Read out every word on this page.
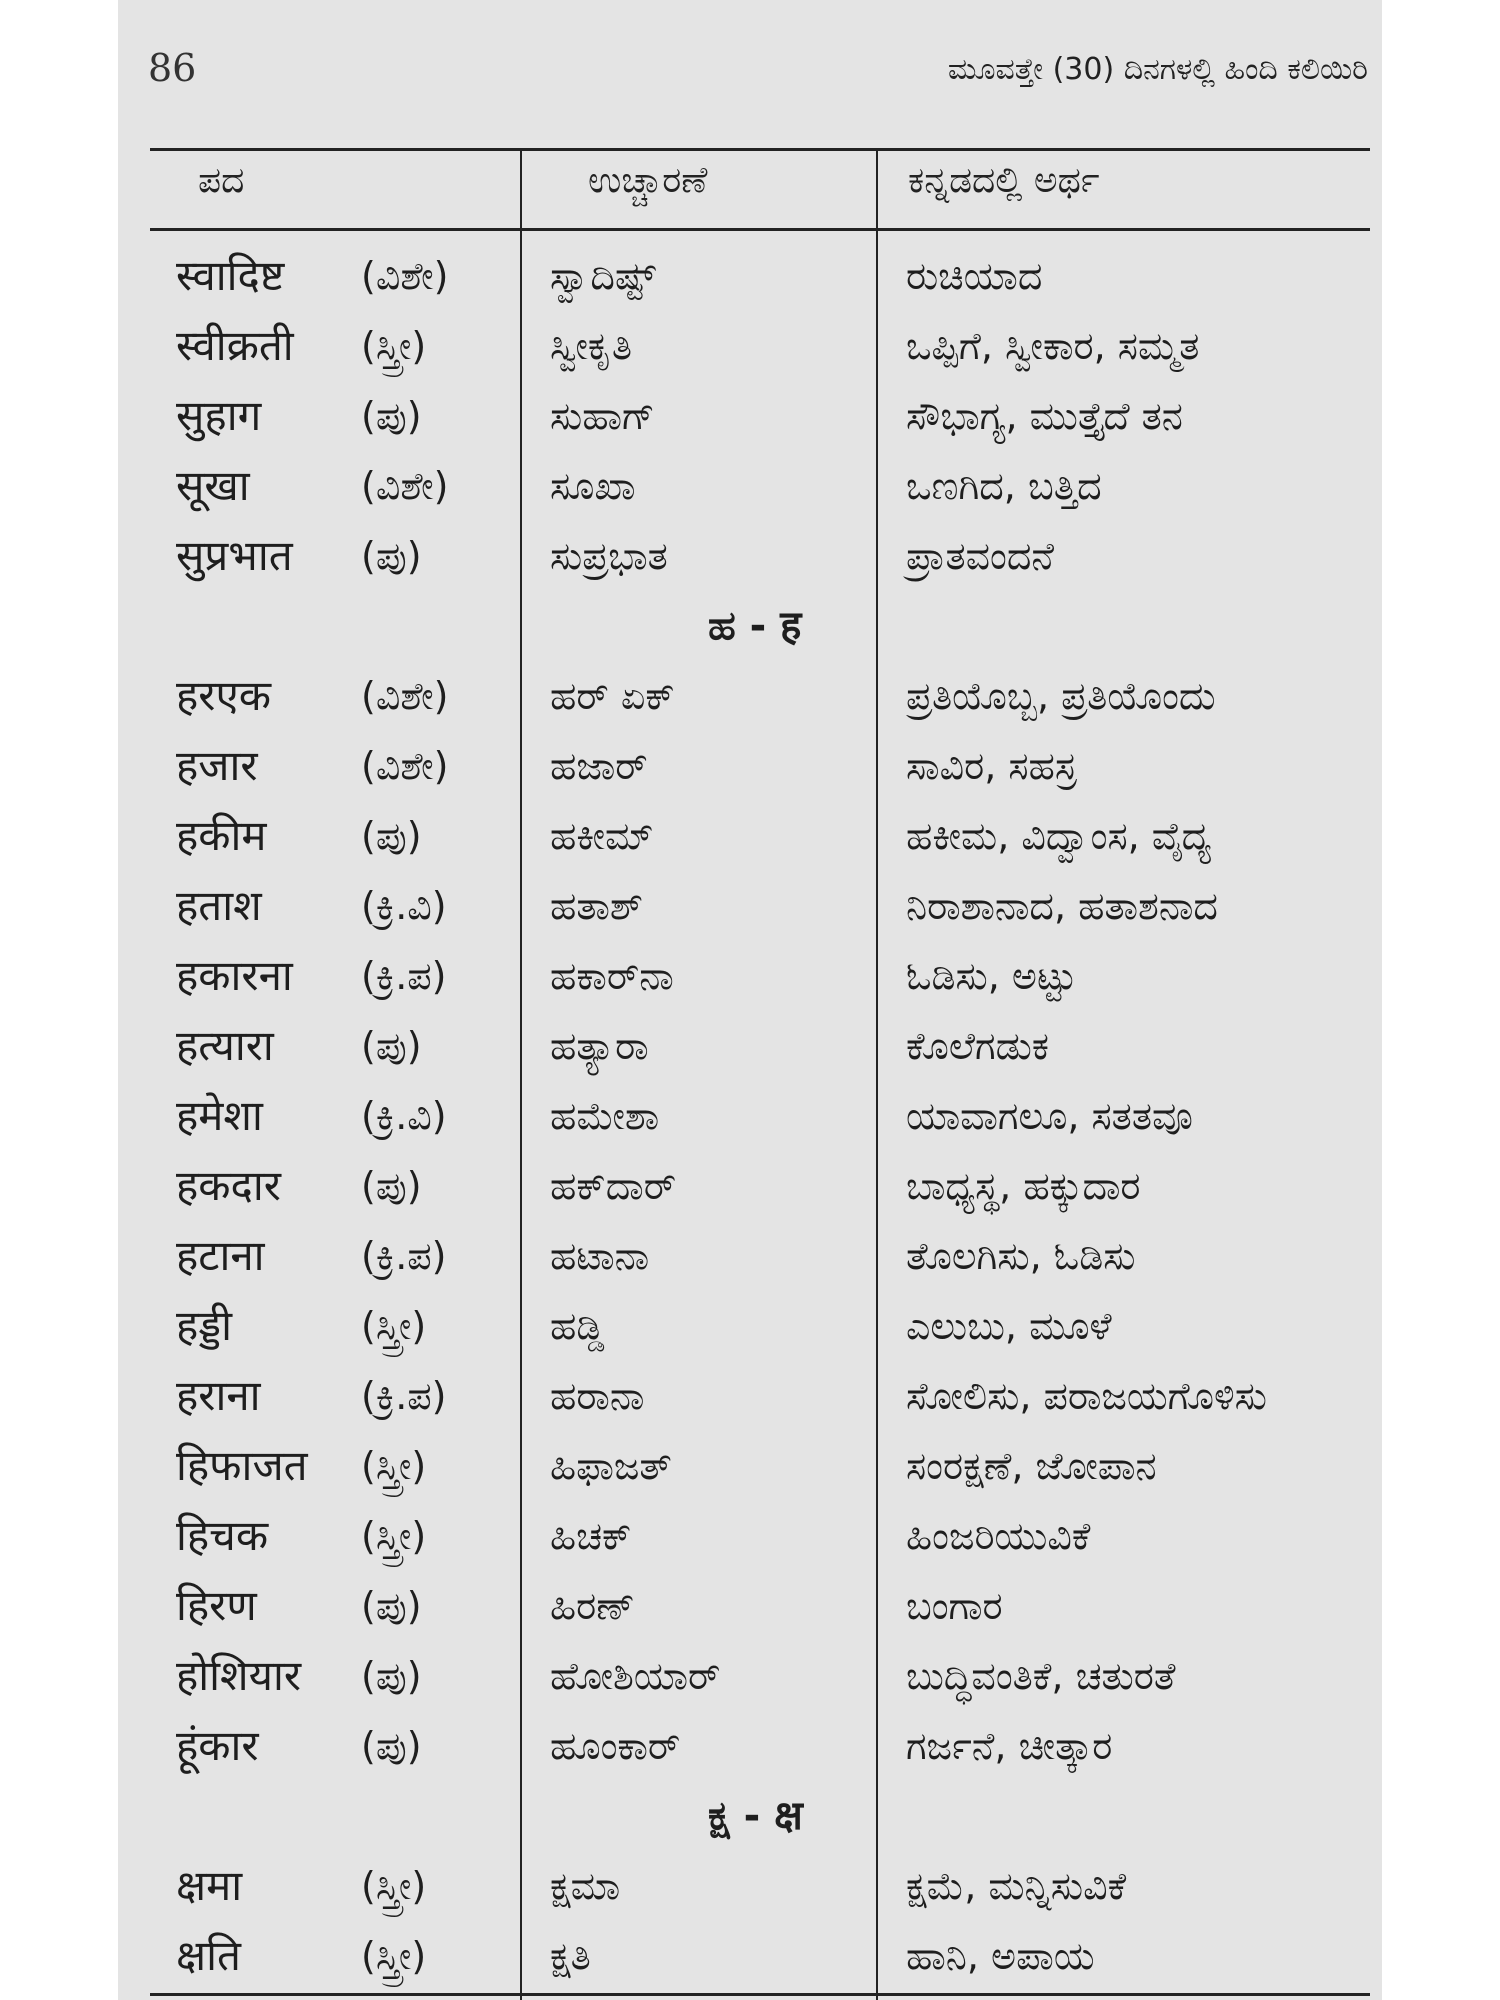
86	ಮೂವತ್ತೇ (30) ದಿನಗಳಲ್ಲಿ ಹಿಂದಿ ಕಲಿಯಿರಿ
ಪದ	ಉಚ್ಚಾರಣೆ	ಕನ್ನಡದಲ್ಲಿ ಅರ್ಥ
स्वादिष्ट (ವಿಶೇ)	ಸ್ವಾದಿಷ್ಟ್	ರುಚಿಯಾದ
स्वीक्रती (ಸ್ತ್ರೀ)	ಸ್ವೀಕೃತಿ	ಒಪ್ಪಿಗೆ, ಸ್ವೀಕಾರ, ಸಮ್ಮತ
सुहाग	(ಪು)	ಸುಹಾಗ್	ಸೌಭಾಗ್ಯ, ಮುತ್ತೈದೆ ತನ
सूखा	(ವಿಶೇ)	ಸೂಖಾ	ಒಣಗಿದ, ಬತ್ತಿದ
सुप्रभात (ಪು)	ಸುಪ್ರಭಾತ	ಪ್ರಾತವಂದನೆ
ಹ - ह
हरएक (ವಿಶೇ)	ಹರ್ ಏಕ್	ಪ್ರತಿಯೊಬ್ಬ, ಪ್ರತಿಯೊಂದು
हजार	(ವಿಶೇ)	ಹಜಾರ್	ಸಾವಿರ, ಸಹಸ್ರ
हकीम (ಪು)	ಹಕೀಮ್	ಹಕೀಮ, ವಿದ್ವಾಂಸ, ವೈದ್ಯ
हताश	(ಕ್ರಿ.ವಿ)	ಹತಾಶ್	ನಿರಾಶಾನಾದ, ಹತಾಶನಾದ
हकारना (ಕ್ರಿ.ಪ)	ಹಕಾರ್‌ನಾ	ಓಡಿಸು, ಅಟ್ಟು
हत्यारा (ಪು)	ಹತ್ಯಾರಾ	ಕೊಲೆಗಡುಕ
हमेशा	(ಕ್ರಿ.ವಿ)	ಹಮೇಶಾ	ಯಾವಾಗಲೂ, ಸತತವೂ
हकदार (ಪು)	ಹಕ್‌ದಾರ್	ಬಾಧ್ಯಸ್ಥ, ಹಕ್ಕುದಾರ
हटाना	(ಕ್ರಿ.ಪ)	ಹಟಾನಾ	ತೊಲಗಿಸು, ಓಡಿಸು
हड्डी	(ಸ್ತ್ರೀ)	ಹಡ್ಡಿ	ಎಲುಬು, ಮೂಳೆ
हराना	(ಕ್ರಿ.ಪ)	ಹರಾನಾ	ಸೋಲಿಸು, ಪರಾಜಯಗೊಳಿಸು
हिफाजत (ಸ್ತ್ರೀ)	ಹಿಫಾಜತ್	ಸಂರಕ್ಷಣೆ, ಜೋಪಾನ
हिचक (ಸ್ತ್ರೀ)	ಹಿಚಕ್	ಹಿಂಜರಿಯುವಿಕೆ
हिरण	(ಪು)	ಹಿರಣ್	ಬಂಗಾರ
होशियार (ಪು)	ಹೋಶಿಯಾರ್	ಬುದ್ಧಿವಂತಿಕೆ, ಚತುರತೆ
हूंकार	(ಪು)	ಹೂಂಕಾರ್	ಗರ್ಜನೆ, ಚೀತ್ಕಾರ
ಕ್ಷ - क्ष
क्षमा	(ಸ್ತ್ರೀ)	ಕ್ಷಮಾ	ಕ್ಷಮೆ, ಮನ್ನಿಸುವಿಕೆ
क्षति	(ಸ್ತ್ರೀ)	ಕ್ಷತಿ	ಹಾನಿ, ಅಪಾಯ
